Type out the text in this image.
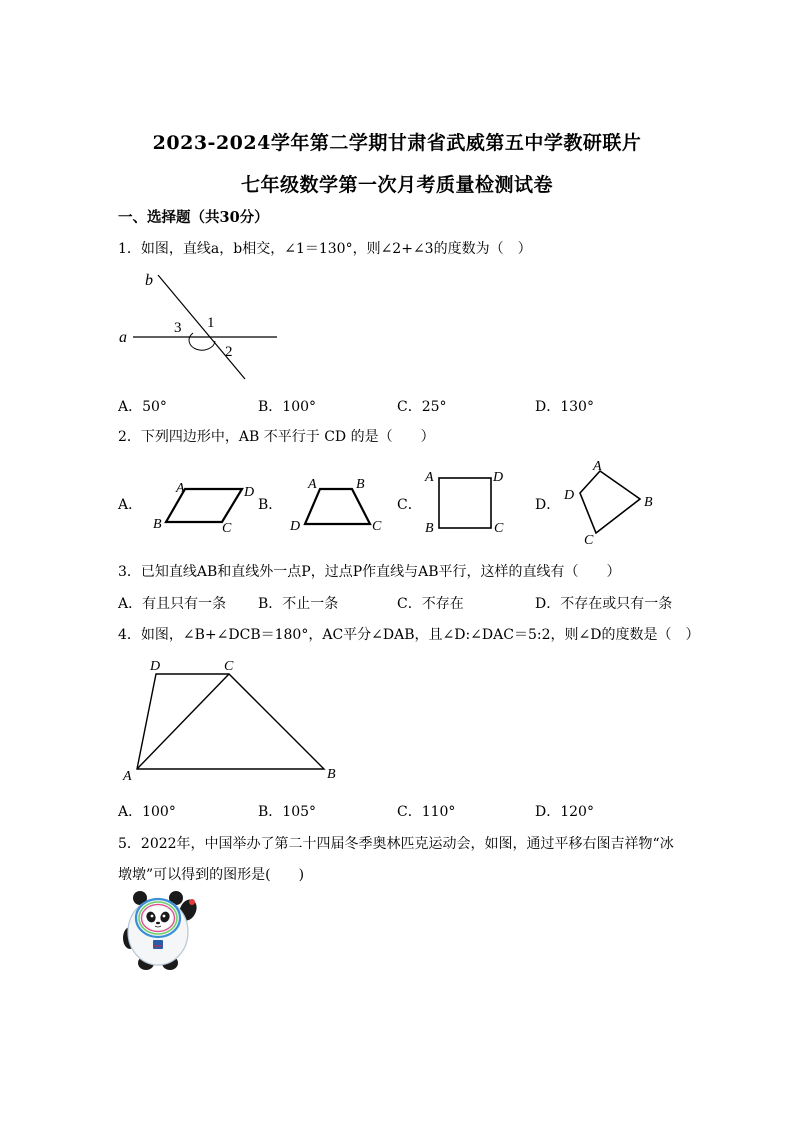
2023-2024学年第二学期甘肃省武威第五中学教研联片
七年级数学第一次月考质量检测试卷
一、选择题（共30分）
1．如图，直线a，b相交，∠1＝130°，则∠2+∠3的度数为（　）
a
b
1
2
3
A．50°	B．100°	C．25°	D．130°
2．下列四边形中，AB 不平行于 CD 的是（　　）
A．
A	D
B	C
B．
A	B
D	C
C．
A	D
B	C
D．
A
B
D
C
3．已知直线AB和直线外一点P，过点P作直线与AB平行，这样的直线有（　　）
A．有且只有一条 B．不止一条	C．不存在	D．不存在或只有一条
4．如图，∠B+∠DCB＝180°，AC平分∠DAB，且∠D:∠DAC＝5:2，则∠D的度数是（　）
D	C
A	B
A．100°	B．105°	C．110°	D．120°
5．2022年，中国举办了第二十四届冬季奥林匹克运动会，如图，通过平移右图吉祥物“冰
墩墩”可以得到的图形是(　　)
